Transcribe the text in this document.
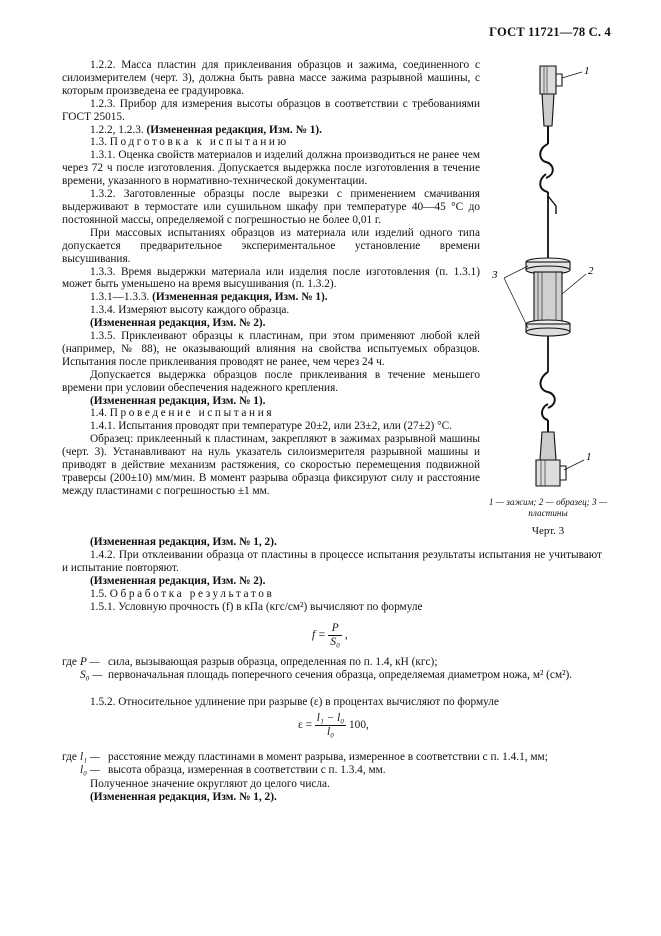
ГОСТ 11721—78 С. 4

1.2.2. Масса пластин для приклеивания образцов и зажима, соединенного с силоизмерителем (черт. 3), должна быть равна массе зажима разрывной машины, с которым произведена ее градуировка.

1.2.3. Прибор для измерения высоты образцов в соответствии с требованиями ГОСТ 25015.

1.2.2, 1.2.3. (Измененная редакция, Изм. № 1).

1.3. Подготовка к испытанию

1.3.1. Оценка свойств материалов и изделий должна производиться не ранее чем через 72 ч после изготовления. Допускается выдержка после изготовления в течение времени, указанного в нормативно-технической документации.

1.3.2. Заготовленные образцы после вырезки с применением смачивания выдерживают в термостате или сушильном шкафу при температуре 40—45 °С до постоянной массы, определяемой с погрешностью не более 0,01 г.

При массовых испытаниях образцов из материала или изделий одного типа допускается предварительное экспериментальное установление времени высушивания.

1.3.3. Время выдержки материала или изделия после изготовления (п. 1.3.1) может быть уменьшено на время высушивания (п. 1.3.2).

1.3.1—1.3.3. (Измененная редакция, Изм. № 1).

1.3.4. Измеряют высоту каждого образца.

(Измененная редакция, Изм. № 2).

1.3.5. Приклеивают образцы к пластинам, при этом применяют любой клей (например, № 88), не оказывающий влияния на свойства испытуемых образцов. Испытания после приклеивания проводят не ранее, чем через 24 ч.

Допускается выдержка образцов после приклеивания в течение меньшего времени при условии обеспечения надежного крепления.

(Измененная редакция, Изм. № 1).

1.4. Проведение испытания

1.4.1. Испытания проводят при температуре 20±2, или 23±2, или (27±2) °С.

Образец: приклеенный к пластинам, закрепляют в зажимах разрывной машины (черт. 3). Устанавливают на нуль указатель силоизмерителя разрывной машины и приводят в действие механизм растяжения, со скоростью перемещения подвижной траверсы (200±10) мм/мин. В момент разрыва образца фиксируют силу и расстояние между пластинами с погрешностью ±1 мм.

(Измененная редакция, Изм. № 1, 2).

1.4.2. При отклеивании образца от пластины в процессе испытания результаты испытания не учитывают и испытание повторяют.

(Измененная редакция, Изм. № 2).

1.5. Обработка результатов

1.5.1. Условную прочность (f) в кПа (кгс/см²) вычисляют по формуле

$f = \frac{P}{\text{S₀}}$ ,
где	P —	сила, вызывающая разрыв образца, определенная по п. 1.4, кН (кгс);
	S₀ —	первоначальная площадь поперечного сечения образца, определяемая диаметром ножа, м² (см²).

1.5.2. Относительное удлинение при разрыве (ε) в процентах вычисляют по формуле

$\varepsilon = \frac{\text{l₁ − l₀}}{\text{l₀}} 100$,
где	l₁ —	расстояние между пластинами в момент разрыва, измеренное в соответствии с п. 1.4.1, мм;
	l₀ —	высота образца, измеренная в соответствии с п. 1.3.4, мм.

Полученное значение округляют до целого числа.

(Измененная редакция, Изм. № 1, 2).

1
2
3
1
1 — зажим; 2 — образец; 3 — пластины
Черт. 3
